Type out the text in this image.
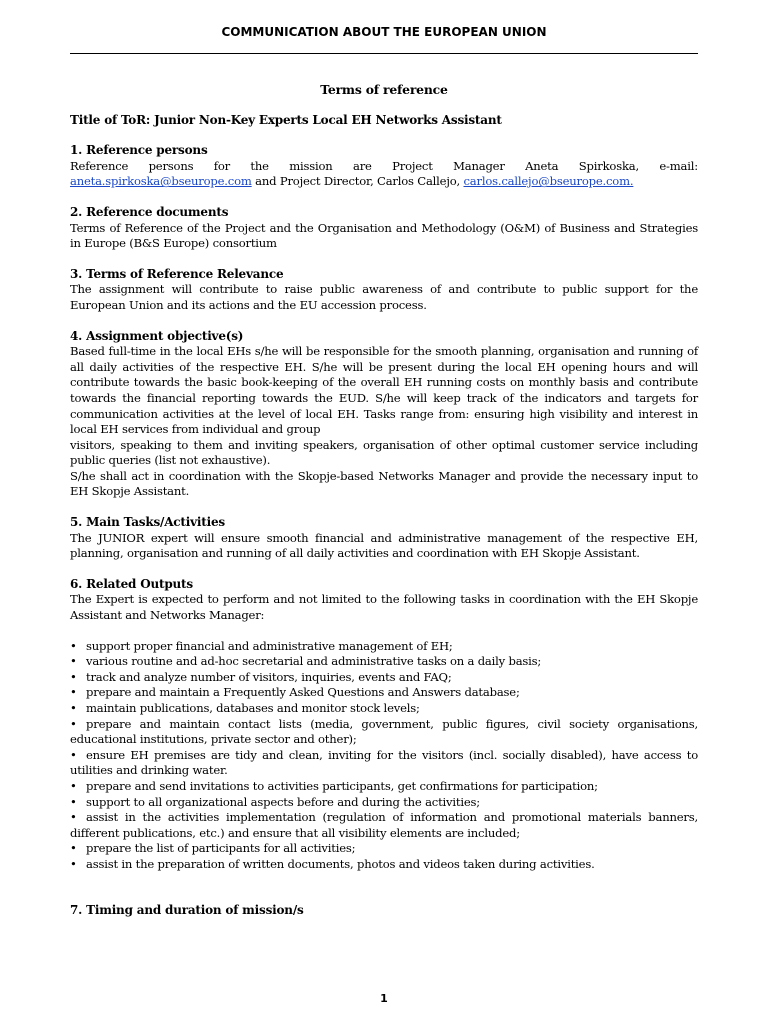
COMMUNICATION ABOUT THE EUROPEAN UNION

Terms of reference

Title of ToR: Junior Non-Key Experts Local EH Networks Assistant

1. Reference persons

Reference persons for the mission are Project Manager Aneta Spirkoska, e-mail: aneta.spirkoska@bseurope.com and Project Director, Carlos Callejo, carlos.callejo@bseurope.com.

2. Reference documents

Terms of Reference of the Project and the Organisation and Methodology (O&M) of Business and Strategies in Europe (B&S Europe) consortium

3. Terms of Reference Relevance

The assignment will contribute to raise public awareness of and contribute to public support for the European Union and its actions and the EU accession process.

4. Assignment objective(s)

Based full-time in the local EHs s/he will be responsible for the smooth planning, organisation and running of all daily activities of the respective EH. S/he will be present during the local EH opening hours and will contribute towards the basic book-keeping of the overall EH running costs on monthly basis and contribute towards the financial reporting towards the EUD. S/he will keep track of the indicators and targets for communication activities at the level of local EH. Tasks range from: ensuring high visibility and interest in local EH services from individual and group

visitors, speaking to them and inviting speakers, organisation of other optimal customer service including public queries (list not exhaustive).

S/he shall act in coordination with the Skopje-based Networks Manager and provide the necessary input to EH Skopje Assistant.

5. Main Tasks/Activities

The JUNIOR expert will ensure smooth financial and administrative management of the respective EH, planning, organisation and running of all daily activities and coordination with EH Skopje Assistant.

6. Related Outputs

The Expert is expected to perform and not limited to the following tasks in coordination with the EH Skopje Assistant and Networks Manager:

• support proper financial and administrative management of EH;
• various routine and ad-hoc secretarial and administrative tasks on a daily basis;
• track and analyze number of visitors, inquiries, events and FAQ;
• prepare and maintain a Frequently Asked Questions and Answers database;
• maintain publications, databases and monitor stock levels;
• prepare and maintain contact lists (media, government, public figures, civil society organisations, educational institutions, private sector and other);
• ensure EH premises are tidy and clean, inviting for the visitors (incl. socially disabled), have access to utilities and drinking water.
• prepare and send invitations to activities participants, get confirmations for participation;
• support to all organizational aspects before and during the activities;
• assist in the activities implementation (regulation of information and promotional materials banners, different publications, etc.) and ensure that all visibility elements are included;
• prepare the list of participants for all activities;
• assist in the preparation of written documents, photos and videos taken during activities.

7. Timing and duration of mission/s

1
